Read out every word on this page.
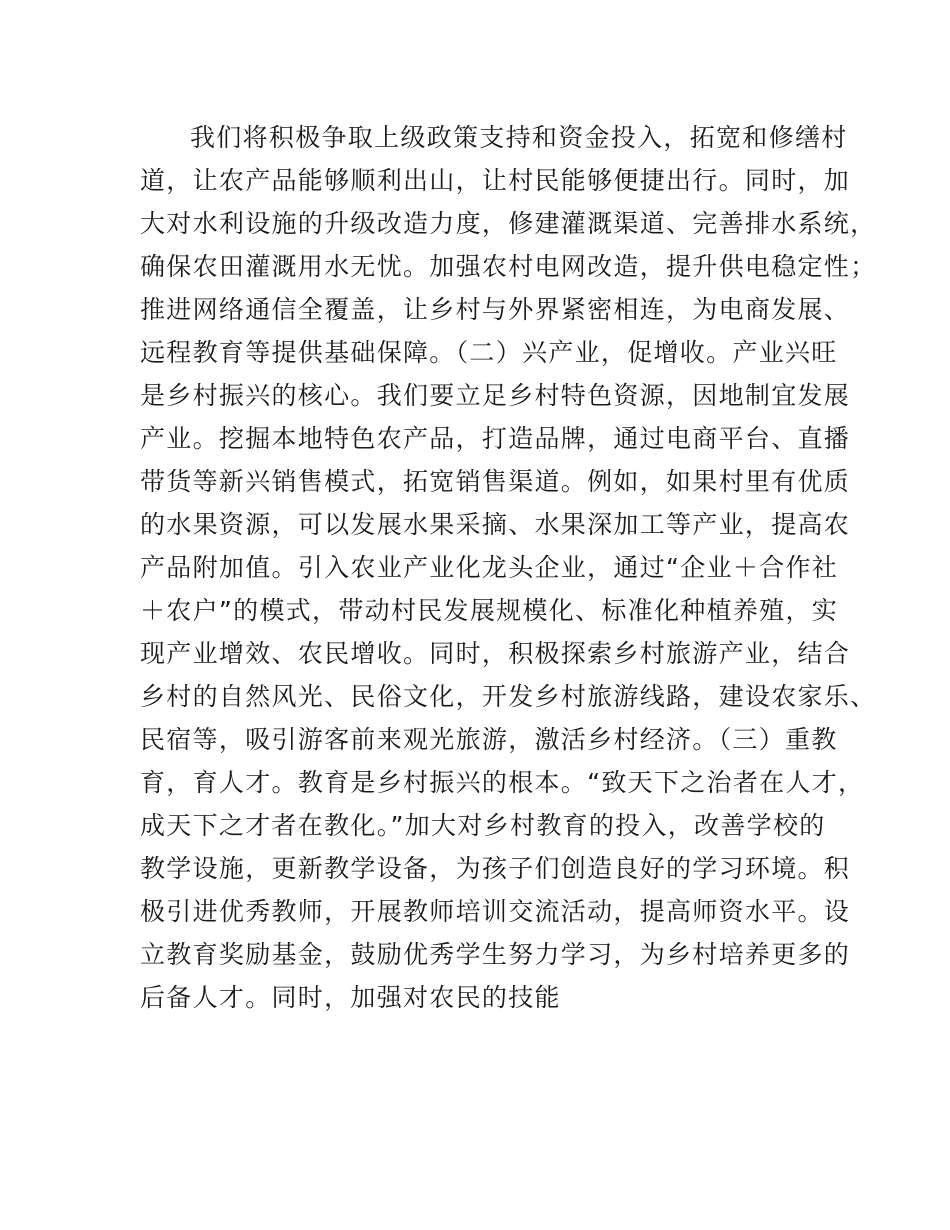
我们将积极争取上级政策支持和资金投入，拓宽和修缮村
道，让农产品能够顺利出山，让村民能够便捷出行。同时，加
大对水利设施的升级改造力度，修建灌溉渠道、完善排水系统，
确保农田灌溉用水无忧。加强农村电网改造，提升供电稳定性；
推进网络通信全覆盖，让乡村与外界紧密相连，为电商发展、
远程教育等提供基础保障。（二）兴产业，促增收。产业兴旺
是乡村振兴的核心。我们要立足乡村特色资源，因地制宜发展
产业。挖掘本地特色农产品，打造品牌，通过电商平台、直播
带货等新兴销售模式，拓宽销售渠道。例如，如果村里有优质
的水果资源，可以发展水果采摘、水果深加工等产业，提高农
产品附加值。引入农业产业化龙头企业，通过“企业＋合作社
＋农户”的模式，带动村民发展规模化、标准化种植养殖，实
现产业增效、农民增收。同时，积极探索乡村旅游产业，结合
乡村的自然风光、民俗文化，开发乡村旅游线路，建设农家乐、
民宿等，吸引游客前来观光旅游，激活乡村经济。（三）重教
育，育人才。教育是乡村振兴的根本。“致天下之治者在人才，
成天下之才者在教化。”加大对乡村教育的投入，改善学校的
教学设施，更新教学设备，为孩子们创造良好的学习环境。积
极引进优秀教师，开展教师培训交流活动，提高师资水平。设
立教育奖励基金，鼓励优秀学生努力学习，为乡村培养更多的
后备人才。同时，加强对农民的技能
